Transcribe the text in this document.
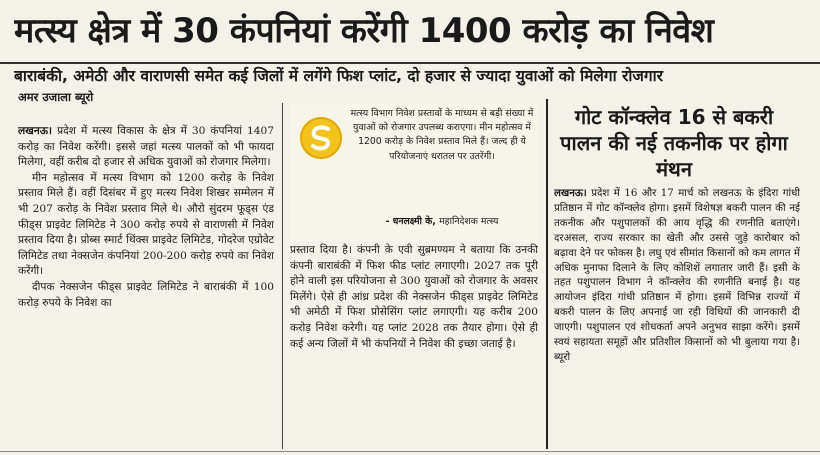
मत्स्य क्षेत्र में 30 कंपनियां करेंगी 1400 करोड़ का निवेश
बाराबंकी, अमेठी और वाराणसी समेत कई जिलों में लगेंगे फिश प्लांट, दो हजार से ज्यादा युवाओं को मिलेगा रोजगार
अमर उजाला ब्यूरो

लखनऊ। प्रदेश में मत्स्य विकास के क्षेत्र में 30 कंपनियां 1407 करोड़ का निवेश करेंगी। इससे जहां मत्स्य पालकों को भी फायदा मिलेगा, वहीं करीब दो हजार से अधिक युवाओं को रोजगार मिलेगा।

मीन महोत्सव में मत्स्य विभाग को 1200 करोड़ के निवेश प्रस्ताव मिले हैं। वहीं दिसंबर में हुए मत्स्य निवेश शिखर सम्मेलन में भी 207 करोड़ के निवेश प्रस्ताव मिले थे। औरो सुंदरम फूड्स एंड फीड्स प्राइवेट लिमिटेड ने 300 करोड़ रुपये से वाराणसी में निवेश प्रस्ताव दिया है। प्रोब्स स्मार्ट थिंक्स प्राइवेट लिमिटेड, गोदरेज एग्रोवेट लिमिटेड तथा नेक्सजेन कंपनियां 200-200 करोड़ रुपये का निवेश करेंगी।

दीपक नेक्सजेन फीड्स प्राइवेट लिमिटेड ने बाराबंकी में 100 करोड़ रुपये के निवेश का

मत्स्य विभाग निवेश प्रस्तावों के माध्यम से बड़ी संख्या में युवाओं को रोजगार उपलब्ध कराएगा। मीन महोत्सव में 1200 करोड़ के निवेश प्रस्ताव मिले हैं। जल्द ही ये परियोजनाएं धरातल पर उतरेंगी।
- धनलक्ष्मी के, महानिदेशक मत्स्य

प्रस्ताव दिया है। कंपनी के एवी सुब्रमण्यम ने बताया कि उनकी कंपनी बाराबंकी में फिश फीड प्लांट लगाएगी। 2027 तक पूरी होने वाली इस परियोजना से 300 युवाओं को रोजगार के अवसर मिलेंगे। ऐसे ही आंध्र प्रदेश की नेक्सजेन फीड्स प्राइवेट लिमिटेड भी अमेठी में फिश प्रोसेसिंग प्लांट लगाएगी। यह करीब 200 करोड़ निवेश करेगी। यह प्लांट 2028 तक तैयार होगा। ऐसे ही कई अन्य जिलों में भी कंपनियों ने निवेश की इच्छा जताई है।

गोट कॉन्क्लेव 16 से बकरी पालन की नई तकनीक पर होगा मंथन

लखनऊ। प्रदेश में 16 और 17 मार्च को लखनऊ के इंदिरा गांधी प्रतिष्ठान में गोट कॉन्क्लेव होगा। इसमें विशेषज्ञ बकरी पालन की नई तकनीक और पशुपालकों की आय वृद्धि की रणनीति बताएंगे। दरअसल, राज्य सरकार का खेती और उससे जुड़े कारोबार को बढ़ावा देने पर फोकस है। लघु एवं सीमांत किसानों को कम लागत में अधिक मुनाफा दिलाने के लिए कोशिशें लगातार जारी हैं। इसी के तहत पशुपालन विभाग ने कॉन्क्लेव की रणनीति बनाई है। यह आयोजन इंदिरा गांधी प्रतिष्ठान में होगा। इसमें विभिन्न राज्यों में बकरी पालन के लिए अपनाई जा रही विधियों की जानकारी दी जाएगी। पशुपालन एवं शोधकर्ता अपने अनुभव साझा करेंगे। इसमें स्वयं सहायता समूहों और प्रतिशील किसानों को भी बुलाया गया है। ब्यूरो
